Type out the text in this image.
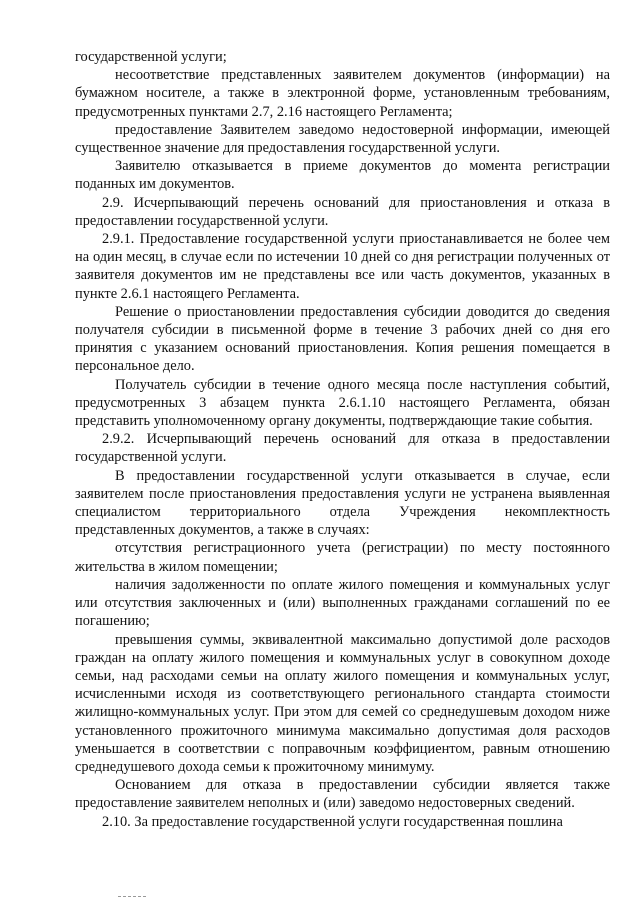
государственной услуги;

несоответствие представленных заявителем документов (информации) на бумажном носителе, а также в электронной форме, установленным требованиям, предусмотренных пунктами 2.7, 2.16 настоящего Регламента;

предоставление Заявителем заведомо недостоверной информации, имеющей существенное значение для предоставления государственной услуги.

Заявителю отказывается в приеме документов до момента регистрации поданных им документов.

2.9. Исчерпывающий перечень оснований для приостановления и отказа в предоставлении государственной услуги.

2.9.1. Предоставление государственной услуги приостанавливается не более чем на один месяц, в случае если по истечении 10 дней со дня регистрации полученных от заявителя документов им не представлены все или часть документов, указанных в пункте 2.6.1 настоящего Регламента.

Решение о приостановлении предоставления субсидии доводится до сведения получателя субсидии в письменной форме в течение 3 рабочих дней со дня его принятия с указанием оснований приостановления. Копия решения помещается в персональное дело.

Получатель субсидии в течение одного месяца после наступления событий, предусмотренных 3 абзацем пункта 2.6.1.10 настоящего Регламента, обязан представить уполномоченному органу документы, подтверждающие такие события.

2.9.2. Исчерпывающий перечень оснований для отказа в предоставлении государственной услуги.

В предоставлении государственной услуги отказывается в случае, если заявителем после приостановления предоставления услуги не устранена выявленная специалистом территориального отдела Учреждения некомплектность представленных документов, а также в случаях:

отсутствия регистрационного учета (регистрации) по месту постоянного жительства в жилом помещении;

наличия задолженности по оплате жилого помещения и коммунальных услуг или отсутствия заключенных и (или) выполненных гражданами соглашений по ее погашению;

превышения суммы, эквивалентной максимально допустимой доле расходов граждан на оплату жилого помещения и коммунальных услуг в совокупном доходе семьи, над расходами семьи на оплату жилого помещения и коммунальных услуг, исчисленными исходя из соответствующего регионального стандарта стоимости жилищно-коммунальных услуг. При этом для семей со среднедушевым доходом ниже установленного прожиточного минимума максимально допустимая доля расходов уменьшается в соответствии с поправочным коэффициентом, равным отношению среднедушевого дохода семьи к прожиточному минимуму.

Основанием для отказа в предоставлении субсидии является также предоставление заявителем неполных и (или) заведомо недостоверных сведений.

2.10. За предоставление государственной услуги государственная пошлина
